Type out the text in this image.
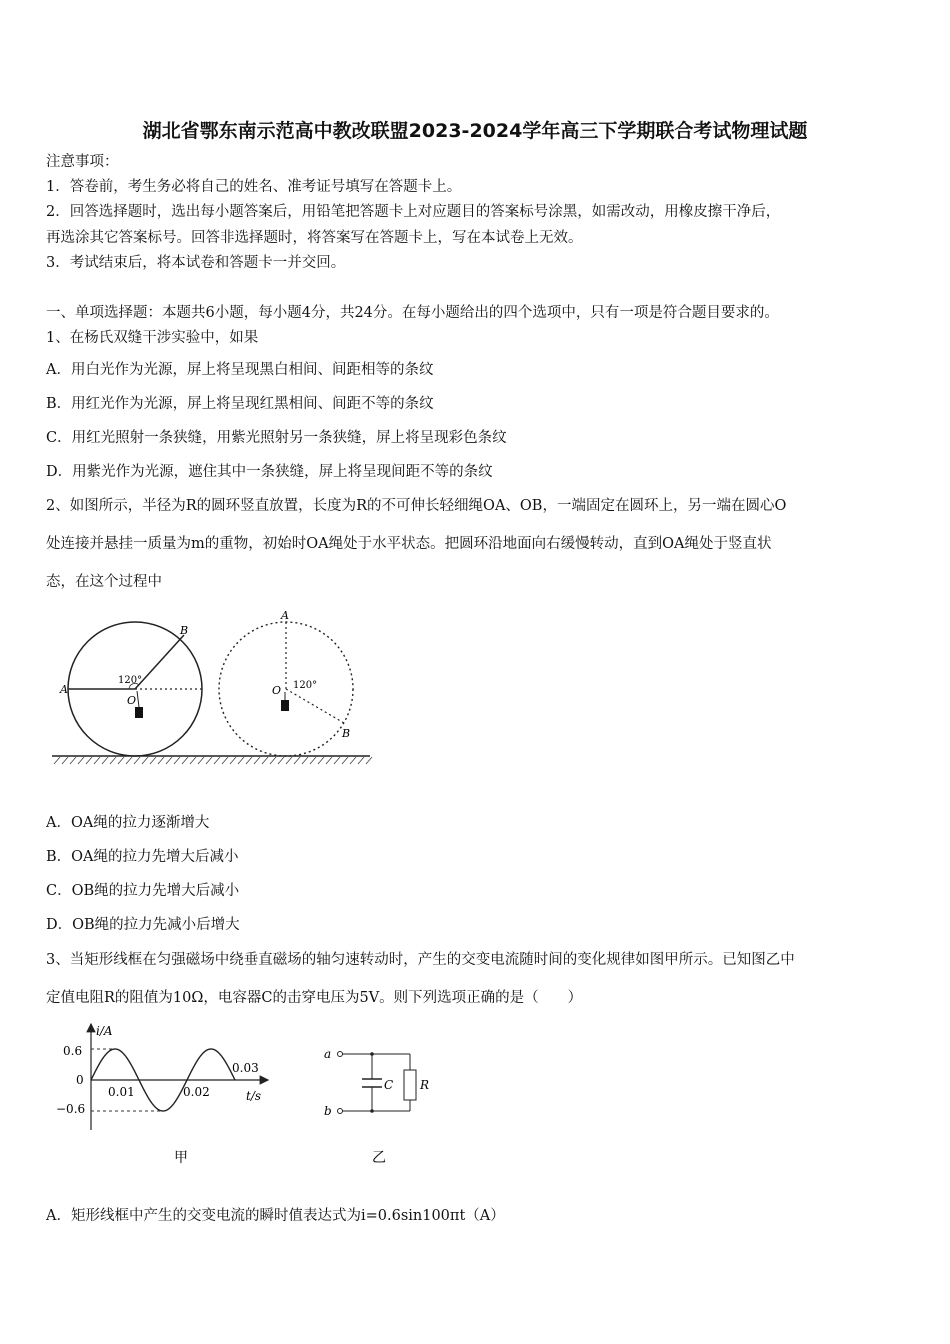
湖北省鄂东南示范高中教改联盟2023-2024学年高三下学期联合考试物理试题
注意事项：
1．答卷前，考生务必将自己的姓名、准考证号填写在答题卡上。
2．回答选择题时，选出每小题答案后，用铅笔把答题卡上对应题目的答案标号涂黑，如需改动，用橡皮擦干净后，
再选涂其它答案标号。回答非选择题时，将答案写在答题卡上，写在本试卷上无效。
3．考试结束后，将本试卷和答题卡一并交回。
一、单项选择题：本题共6小题，每小题4分，共24分。在每小题给出的四个选项中，只有一项是符合题目要求的。
1、在杨氏双缝干涉实验中，如果
A．用白光作为光源，屏上将呈现黑白相间、间距相等的条纹
B．用红光作为光源，屏上将呈现红黑相间、间距不等的条纹
C．用红光照射一条狭缝，用紫光照射另一条狭缝，屏上将呈现彩色条纹
D．用紫光作为光源，遮住其中一条狭缝，屏上将呈现间距不等的条纹
2、如图所示，半径为R的圆环竖直放置，长度为R的不可伸长轻细绳OA、OB，一端固定在圆环上，另一端在圆心O
处连接并悬挂一质量为m的重物，初始时OA绳处于水平状态。把圆环沿地面向右缓慢转动，直到OA绳处于竖直状
态，在这个过程中
A
B
O
120°
A
B
O 120°
A．OA绳的拉力逐渐增大
B．OA绳的拉力先增大后减小
C．OB绳的拉力先增大后减小
D．OB绳的拉力先减小后增大
3、当矩形线框在匀强磁场中绕垂直磁场的轴匀速转动时，产生的交变电流随时间的变化规律如图甲所示。已知图乙中
定值电阻R的阻值为10Ω，电容器C的击穿电压为5V。则下列选项正确的是（　　）
i/A
t/s
0.6
0
−0.6
0.01	0.02
0.03
甲
a
b
C R
乙
A．矩形线框中产生的交变电流的瞬时值表达式为i=0.6sin100πt（A）
